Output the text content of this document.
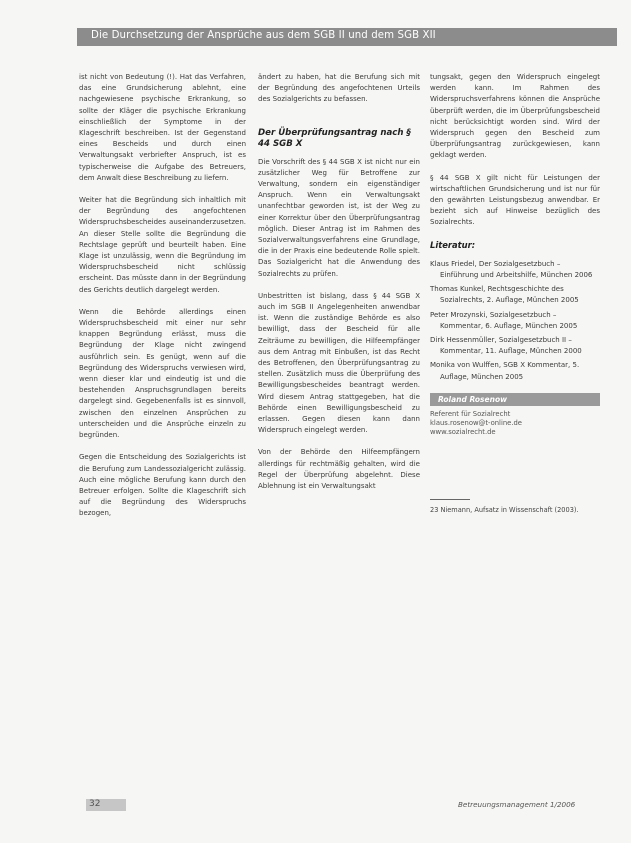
Die Durchsetzung der Ansprüche aus dem SGB II und dem SGB XII

ist nicht von Bedeutung (!). Hat das Verfahren, das eine Grundsicherung ablehnt, eine nachgewiesene psychische Erkrankung, so sollte der Kläger die psychische Erkrankung einschließlich der Symptome in der Klageschrift beschreiben. Ist der Gegenstand eines Bescheids und durch einen Verwaltungsakt verbriefter Anspruch, ist es typischerweise die Aufgabe des Betreuers, dem Anwalt diese Beschreibung zu liefern.

Weiter hat die Begründung sich inhaltlich mit der Begründung des angefochtenen Widerspruchsbescheides auseinanderzusetzen. An dieser Stelle sollte die Begründung die Rechtslage geprüft und beurteilt haben. Eine Klage ist unzulässig, wenn die Begründung im Widerspruchsbescheid nicht schlüssig erscheint. Das müsste dann in der Begründung des Gerichts deutlich dargelegt werden.

Wenn die Behörde allerdings einen Widerspruchsbescheid mit einer nur sehr knappen Begründung erlässt, muss die Begründung der Klage nicht zwingend ausführlich sein. Es genügt, wenn auf die Begründung des Widerspruchs verwiesen wird, wenn dieser klar und eindeutig ist und die bestehenden Anspruchsgrundlagen bereits dargelegt sind. Gegebenenfalls ist es sinnvoll, zwischen den einzelnen Ansprüchen zu unterscheiden und die Ansprüche einzeln zu begründen.

Gegen die Entscheidung des Sozialgerichts ist die Berufung zum Landessozialgericht zulässig. Auch eine mögliche Berufung kann durch den Betreuer erfolgen. Sollte die Klageschrift sich auf die Begründung des Widerspruchs bezogen,

ändert zu haben, hat die Berufung sich mit der Begründung des angefochtenen Urteils des Sozialgerichts zu befassen.

Der Überprüfungsantrag nach § 44 SGB X

Die Vorschrift des § 44 SGB X ist nicht nur ein zusätzlicher Weg für Betroffene zur Verwaltung, sondern ein eigenständiger Anspruch. Wenn ein Verwaltungsakt unanfechtbar geworden ist, ist der Weg zu einer Korrektur über den Überprüfungsantrag möglich. Dieser Antrag ist im Rahmen des Sozialverwaltungsverfahrens eine Grundlage, die in der Praxis eine bedeutende Rolle spielt. Das Sozialgericht hat die Anwendung des Sozialrechts zu prüfen.

Unbestritten ist bislang, dass § 44 SGB X auch im SGB II Angelegenheiten anwendbar ist. Wenn die zuständige Behörde es also bewilligt, dass der Bescheid für alle Zeiträume zu bewilligen, die Hilfeempfänger aus dem Antrag mit Einbußen, ist das Recht des Betroffenen, den Überprüfungsantrag zu stellen. Zusätzlich muss die Überprüfung des Bewilligungsbescheides beantragt werden. Wird diesem Antrag stattgegeben, hat die Behörde einen Bewilligungsbescheid zu erlassen. Gegen diesen kann dann Widerspruch eingelegt werden.

Von der Behörde den Hilfeempfängern allerdings für rechtmäßig gehalten, wird die Regel der Überprüfung abgelehnt. Diese Ablehnung ist ein Verwaltungsakt

tungsakt, gegen den Widerspruch eingelegt werden kann. Im Rahmen des Widerspruchsverfahrens können die Ansprüche überprüft werden, die im Überprüfungsbescheid nicht berücksichtigt worden sind. Wird der Widerspruch gegen den Bescheid zum Überprüfungsantrag zurückgewiesen, kann geklagt werden.

§ 44 SGB X gilt nicht für Leistungen der wirtschaftlichen Grundsicherung und ist nur für den gewährten Leistungsbezug anwendbar. Er bezieht sich auf Hinweise bezüglich des Sozialrechts.

Literatur:
Klaus Friedel, Der Sozialgesetzbuch – Einführung und Arbeitshilfe, München 2006
Thomas Kunkel, Rechtsgeschichte des Sozialrechts, 2. Auflage, München 2005
Peter Mrozynski, Sozialgesetzbuch – Kommentar, 6. Auflage, München 2005
Dirk Hessenmüller, Sozialgesetzbuch II – Kommentar, 11. Auflage, München 2000
Monika von Wulffen, SGB X Kommentar, 5. Auflage, München 2005
Roland Rosenow
Referent für Sozialrecht
klaus.rosenow@t-online.de
www.sozialrecht.de
23 Niemann, Aufsatz in Wissenschaft (2003).
32	Betreuungsmanagement 1/2006
